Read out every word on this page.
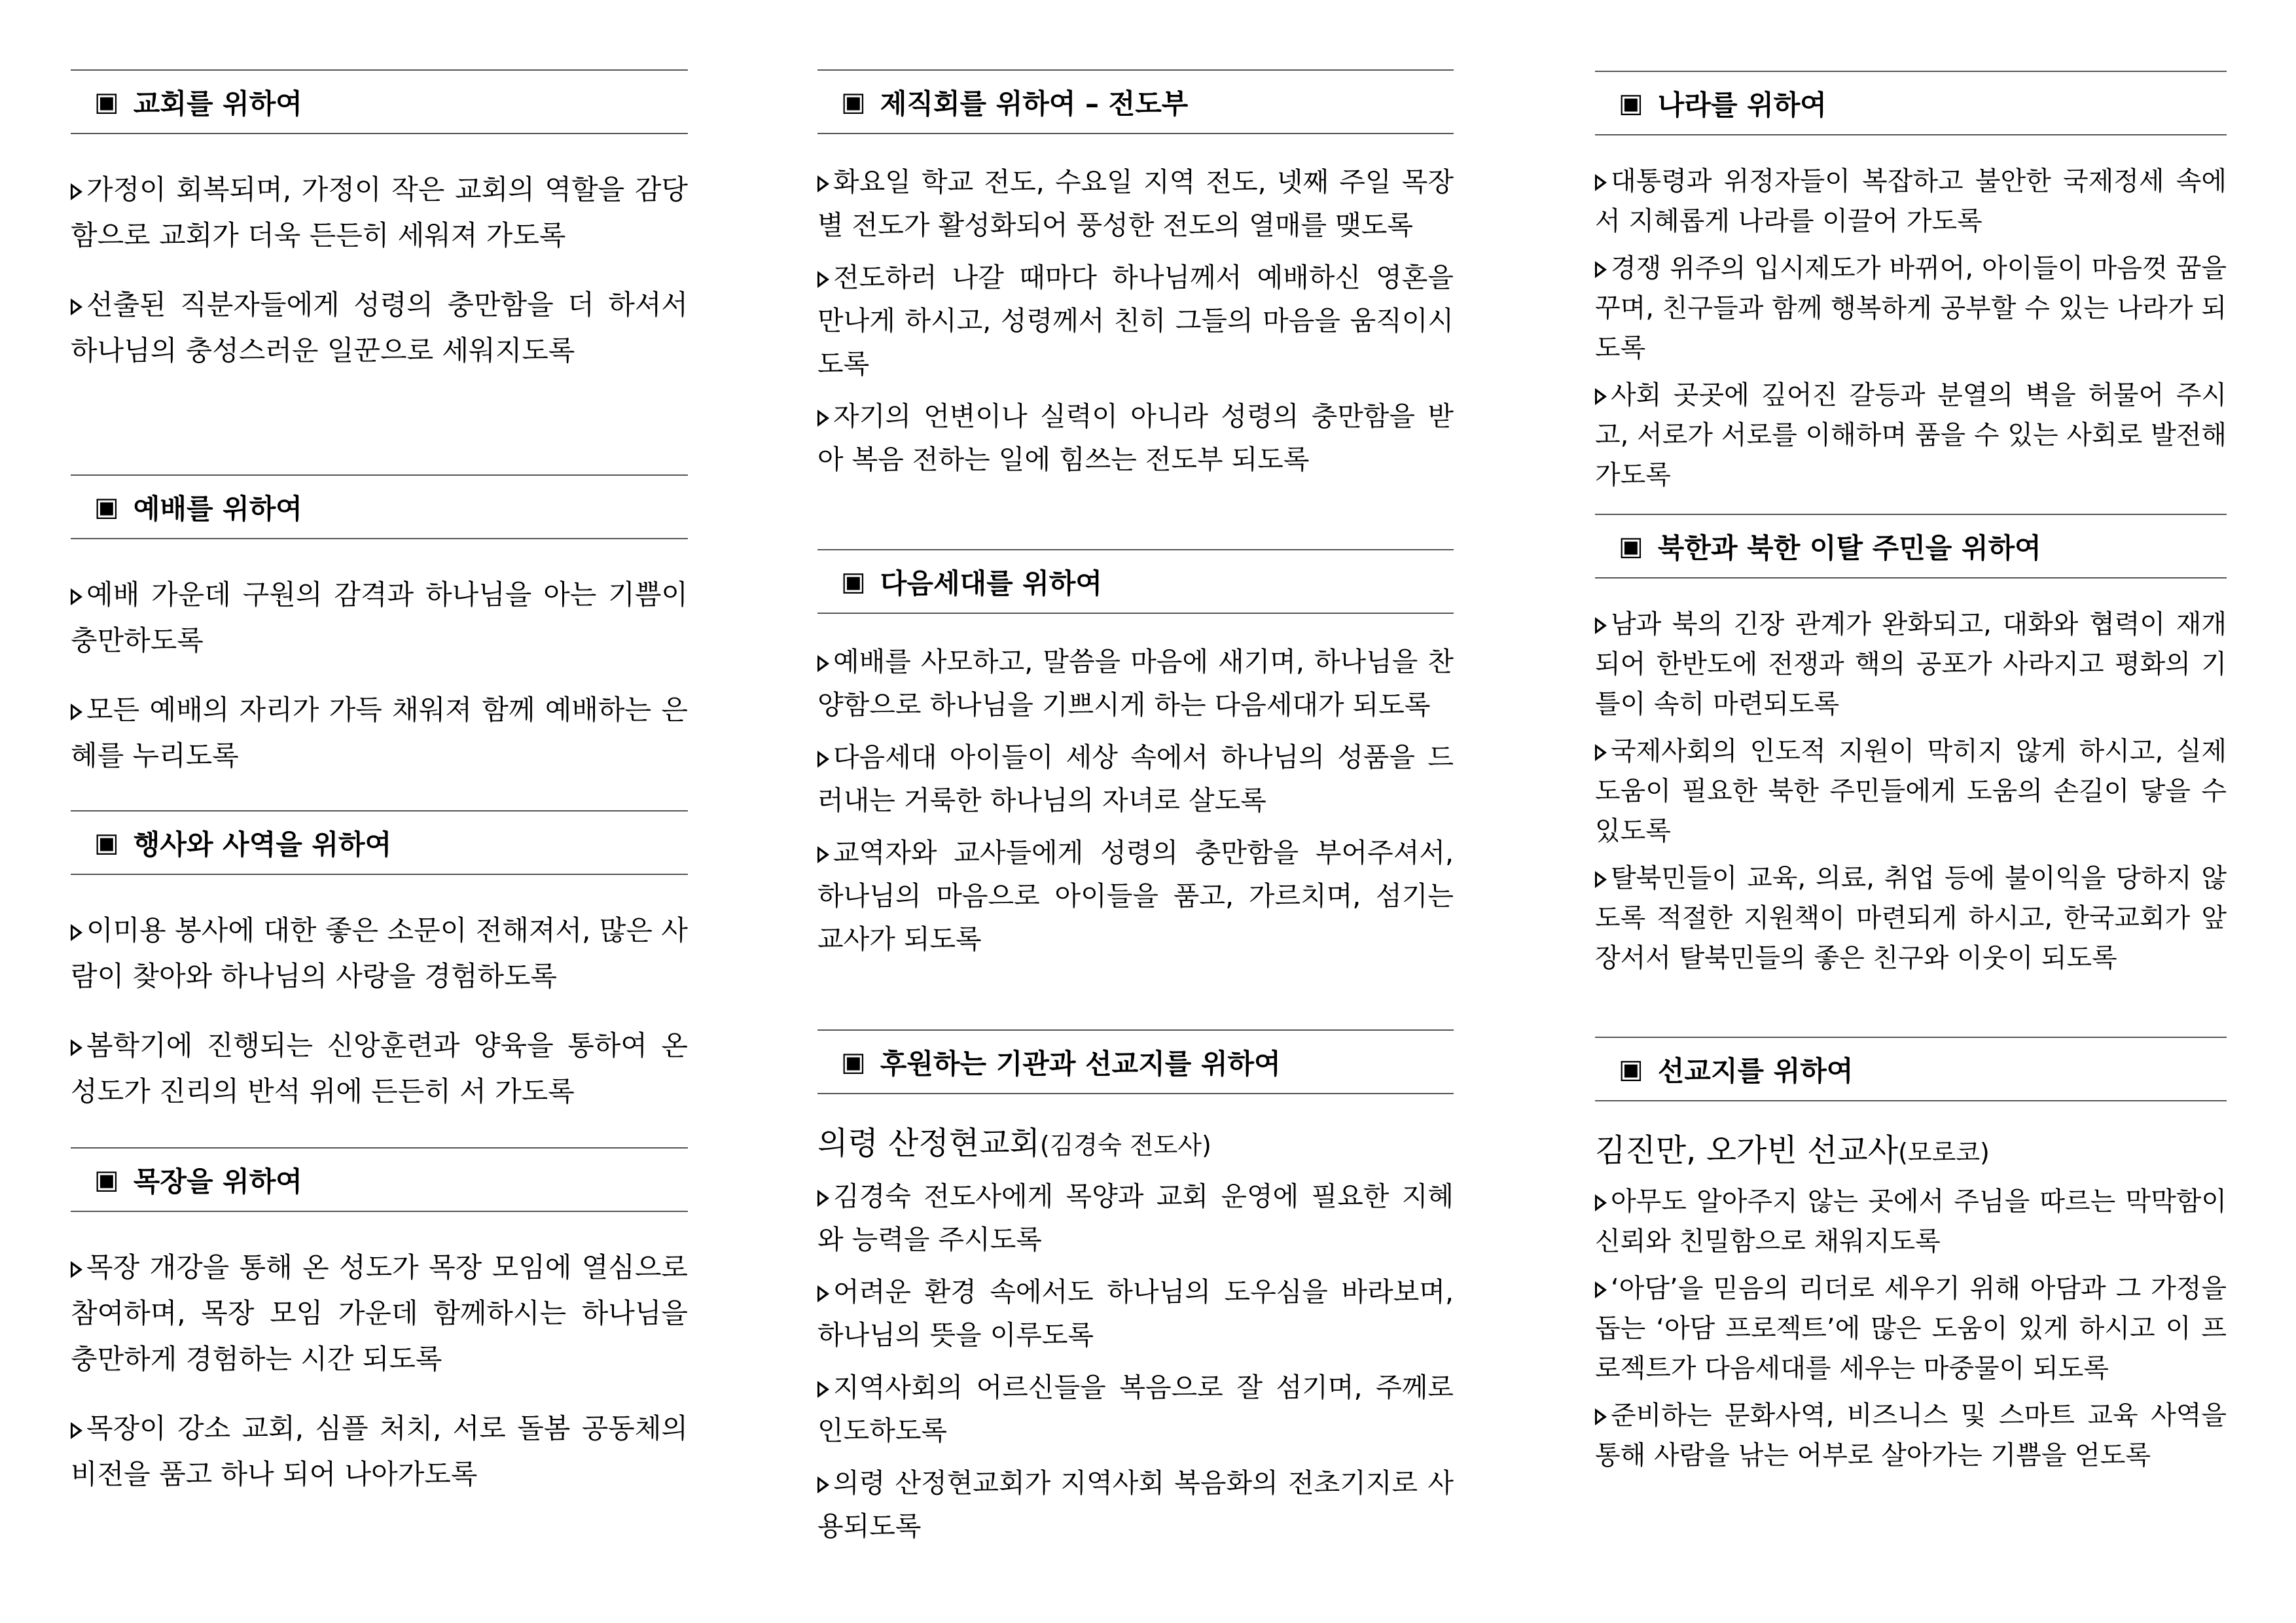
▣ 교회를 위하여
가정이 회복되며, 가정이 작은 교회의 역할을 감당함으로 교회가 더욱 든든히 세워져 가도록
선출된 직분자들에게 성령의 충만함을 더 하셔서 하나님의 충성스러운 일꾼으로 세워지도록
▣ 예배를 위하여
예배 가운데 구원의 감격과 하나님을 아는 기쁨이 충만하도록
모든 예배의 자리가 가득 채워져 함께 예배하는 은혜를 누리도록
▣ 행사와 사역을 위하여
이미용 봉사에 대한 좋은 소문이 전해져서, 많은 사람이 찾아와 하나님의 사랑을 경험하도록
봄학기에 진행되는 신앙훈련과 양육을 통하여 온 성도가 진리의 반석 위에 든든히 서 가도록
▣ 목장을 위하여
목장 개강을 통해 온 성도가 목장 모임에 열심으로 참여하며, 목장 모임 가운데 함께하시는 하나님을 충만하게 경험하는 시간 되도록
목장이 강소 교회, 심플 처치, 서로 돌봄 공동체의 비전을 품고 하나 되어 나아가도록
▣ 제직회를 위하여 – 전도부
화요일 학교 전도, 수요일 지역 전도, 넷째 주일 목장별 전도가 활성화되어 풍성한 전도의 열매를 맺도록
전도하러 나갈 때마다 하나님께서 예배하신 영혼을 만나게 하시고, 성령께서 친히 그들의 마음을 움직이시도록
자기의 언변이나 실력이 아니라 성령의 충만함을 받아 복음 전하는 일에 힘쓰는 전도부 되도록
▣ 다음세대를 위하여
예배를 사모하고, 말씀을 마음에 새기며, 하나님을 찬양함으로 하나님을 기쁘시게 하는 다음세대가 되도록
다음세대 아이들이 세상 속에서 하나님의 성품을 드러내는 거룩한 하나님의 자녀로 살도록
교역자와 교사들에게 성령의 충만함을 부어주셔서, 하나님의 마음으로 아이들을 품고, 가르치며, 섬기는 교사가 되도록
▣ 후원하는 기관과 선교지를 위하여
의령 산정현교회(김경숙 전도사)
김경숙 전도사에게 목양과 교회 운영에 필요한 지혜와 능력을 주시도록
어려운 환경 속에서도 하나님의 도우심을 바라보며, 하나님의 뜻을 이루도록
지역사회의 어르신들을 복음으로 잘 섬기며, 주께로 인도하도록
의령 산정현교회가 지역사회 복음화의 전초기지로 사용되도록
▣ 나라를 위하여
대통령과 위정자들이 복잡하고 불안한 국제정세 속에서 지혜롭게 나라를 이끌어 가도록
경쟁 위주의 입시제도가 바뀌어, 아이들이 마음껏 꿈을 꾸며, 친구들과 함께 행복하게 공부할 수 있는 나라가 되도록
사회 곳곳에 깊어진 갈등과 분열의 벽을 허물어 주시고, 서로가 서로를 이해하며 품을 수 있는 사회로 발전해 가도록
▣ 북한과 북한 이탈 주민을 위하여
남과 북의 긴장 관계가 완화되고, 대화와 협력이 재개되어 한반도에 전쟁과 핵의 공포가 사라지고 평화의 기틀이 속히 마련되도록
국제사회의 인도적 지원이 막히지 않게 하시고, 실제 도움이 필요한 북한 주민들에게 도움의 손길이 닿을 수 있도록
탈북민들이 교육, 의료, 취업 등에 불이익을 당하지 않도록 적절한 지원책이 마련되게 하시고, 한국교회가 앞장서서 탈북민들의 좋은 친구와 이웃이 되도록
▣ 선교지를 위하여
김진만, 오가빈 선교사(모로코)
아무도 알아주지 않는 곳에서 주님을 따르는 막막함이 신뢰와 친밀함으로 채워지도록
‘아담’을 믿음의 리더로 세우기 위해 아담과 그 가정을 돕는 ‘아담 프로젝트’에 많은 도움이 있게 하시고 이 프로젝트가 다음세대를 세우는 마중물이 되도록
준비하는 문화사역, 비즈니스 및 스마트 교육 사역을 통해 사람을 낚는 어부로 살아가는 기쁨을 얻도록
